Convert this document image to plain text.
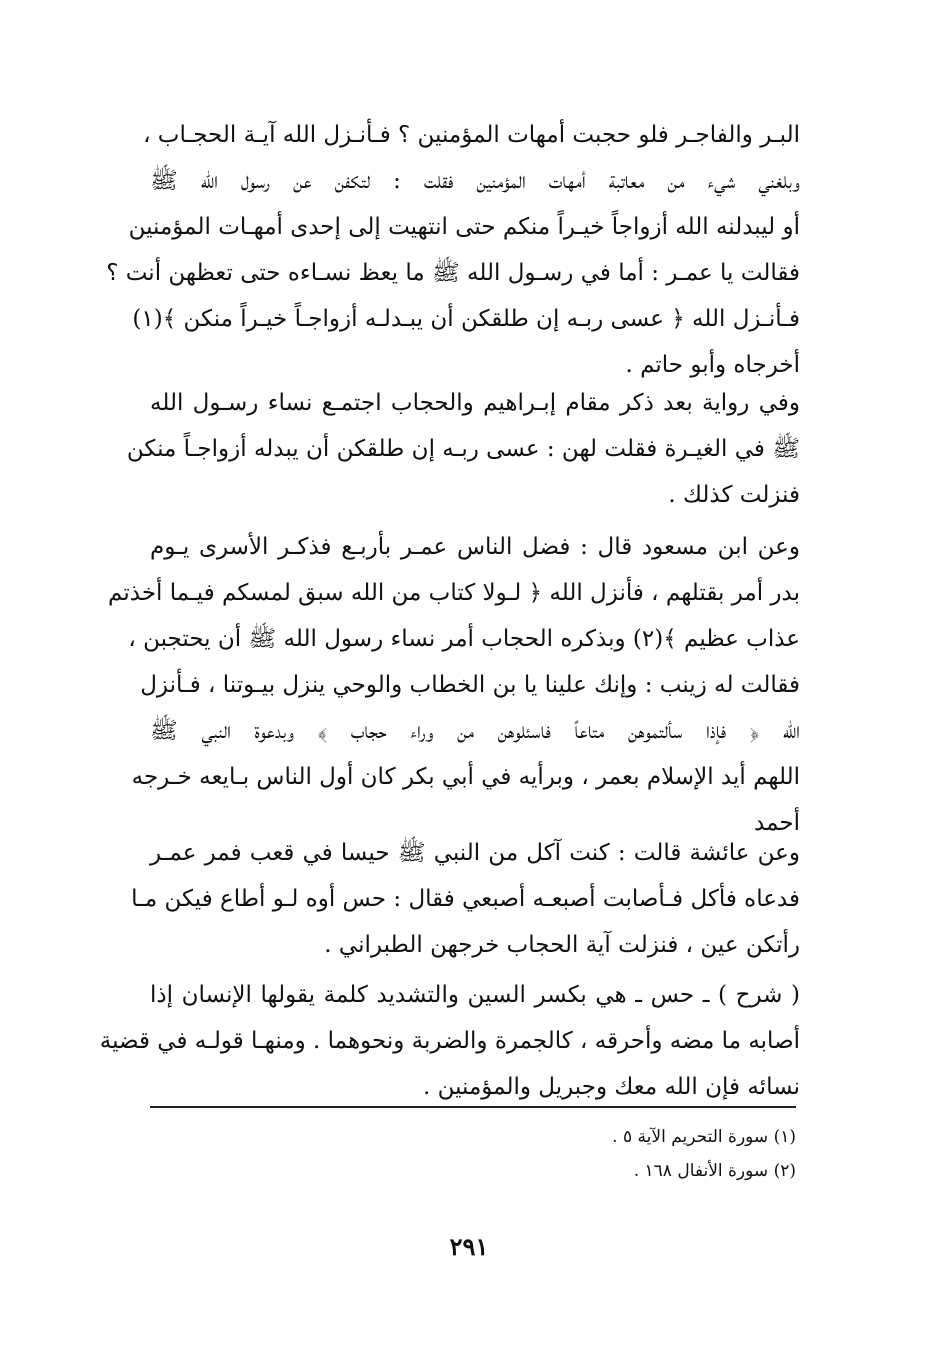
البـر والفاجـر فلو حجبت أمهات المؤمنين ؟ فـأنـزل الله آيـة الحجـاب ،
وبلغني شيء من معاتبة أمهات المؤمنين فقلت : لتكفن عن رسول الله ﷺ
أو ليبدلنه الله أزواجاً خيـراً منكم حتى انتهيت إلى إحدى أمهـات المؤمنين
فقالت يا عمـر : أما في رسـول الله ﷺ ما يعظ نسـاءه حتى تعظهن أنت ؟
فـأنـزل الله ﴿ عسى ربـه إن طلقكن أن يبـدلـه أزواجـاً خيـراً منكن ﴾(١)
أخرجاه وأبو حاتم .
وفي رواية بعد ذكر مقام إبـراهيم والحجاب اجتمـع نساء رسـول الله
ﷺ في الغيـرة فقلت لهن : عسى ربـه إن طلقكن أن يبدله أزواجـاً منكن
فنزلت كذلك .
وعن ابن مسعود قال : فضل الناس عمـر بأربـع فذكـر الأسرى يـوم
بدر أمر بقتلهم ، فأنزل الله ﴿ لـولا كتاب من الله سبق لمسكم فيـما أخذتم
عذاب عظيم ﴾(٢) وبذكره الحجاب أمر نساء رسول الله ﷺ أن يحتجبن ،
فقالت له زينب : وإنك علينا يا بن الخطاب والوحي ينزل بيـوتنا ، فـأنزل
الله ﴿ فإذا سألتموهن متاعاً فاسئلوهن من وراء حجاب ﴾ وبدعوة النبي ﷺ
اللهم أيد الإسلام بعمر ، وبرأيه في أبي بكر كان أول الناس بـايعه خـرجه
أحمد
وعن عائشة قالت : كنت آكل من النبي ﷺ حيسا في قعب فمر عمـر
فدعاه فأكل فـأصابت أصبعـه أصبعي فقال : حس أوه لـو أطاع فيكن مـا
رأتكن عين ، فنزلت آية الحجاب خرجهن الطبراني .
( شرح ) ـ حس ـ هي بكسر السين والتشديد كلمة يقولها الإنسان إذا
أصابه ما مضه وأحرقه ، كالجمرة والضربة ونحوهما . ومنهـا قولـه في قضية
نسائه فإن الله معك وجبريل والمؤمنين .
(١) سورة التحريم الآية ٥ .
(٢) سورة الأنفال ١٦٨ .
٢٩١
